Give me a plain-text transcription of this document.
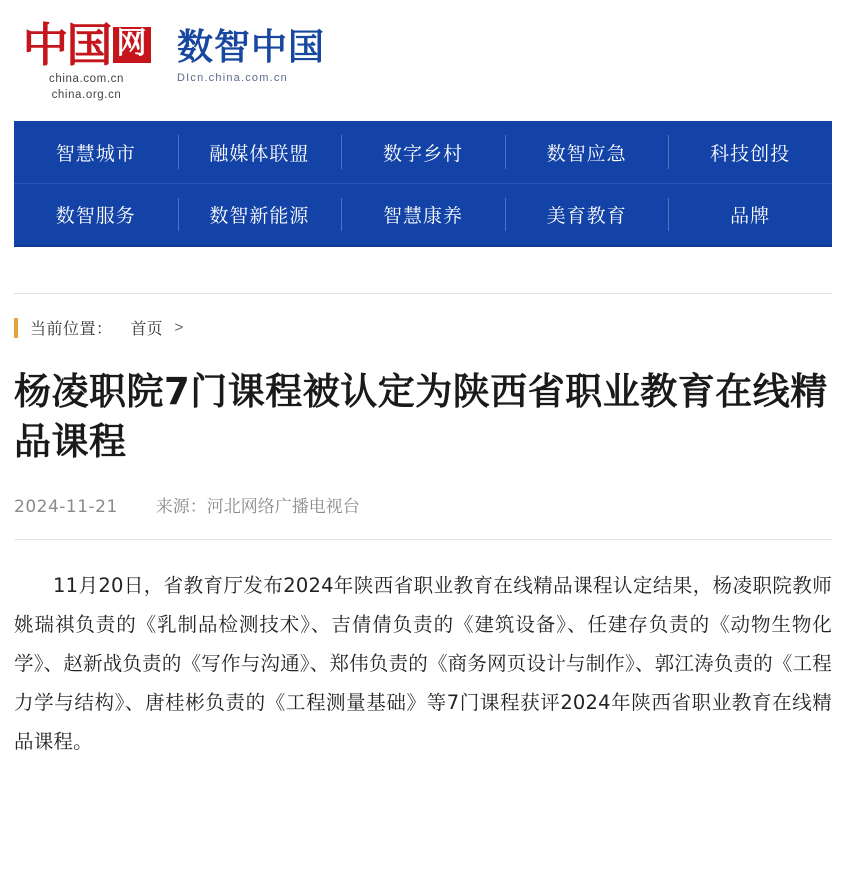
中国 网
china.com.cn
china.org.cn
数智中国
DIcn.china.com.cn
智慧城市	融媒体联盟	数字乡村	数智应急	科技创投
数智服务	数智新能源	智慧康养	美育教育	品牌
当前位置： 首页 >
杨凌职院7门课程被认定为陕西省职业教育在线精品课程
2024-11-21 来源： 河北网络广播电视台

11月20日，省教育厅发布2024年陕西省职业教育在线精品课程认定结果，杨凌职院教师姚瑞祺负责的《乳制品检测技术》、吉倩倩负责的《建筑设备》、任建存负责的《动物生物化学》、赵新战负责的《写作与沟通》、郑伟负责的《商务网页设计与制作》、郭江涛负责的《工程力学与结构》、唐桂彬负责的《工程测量基础》等7门课程获评2024年陕西省职业教育在线精品课程。
